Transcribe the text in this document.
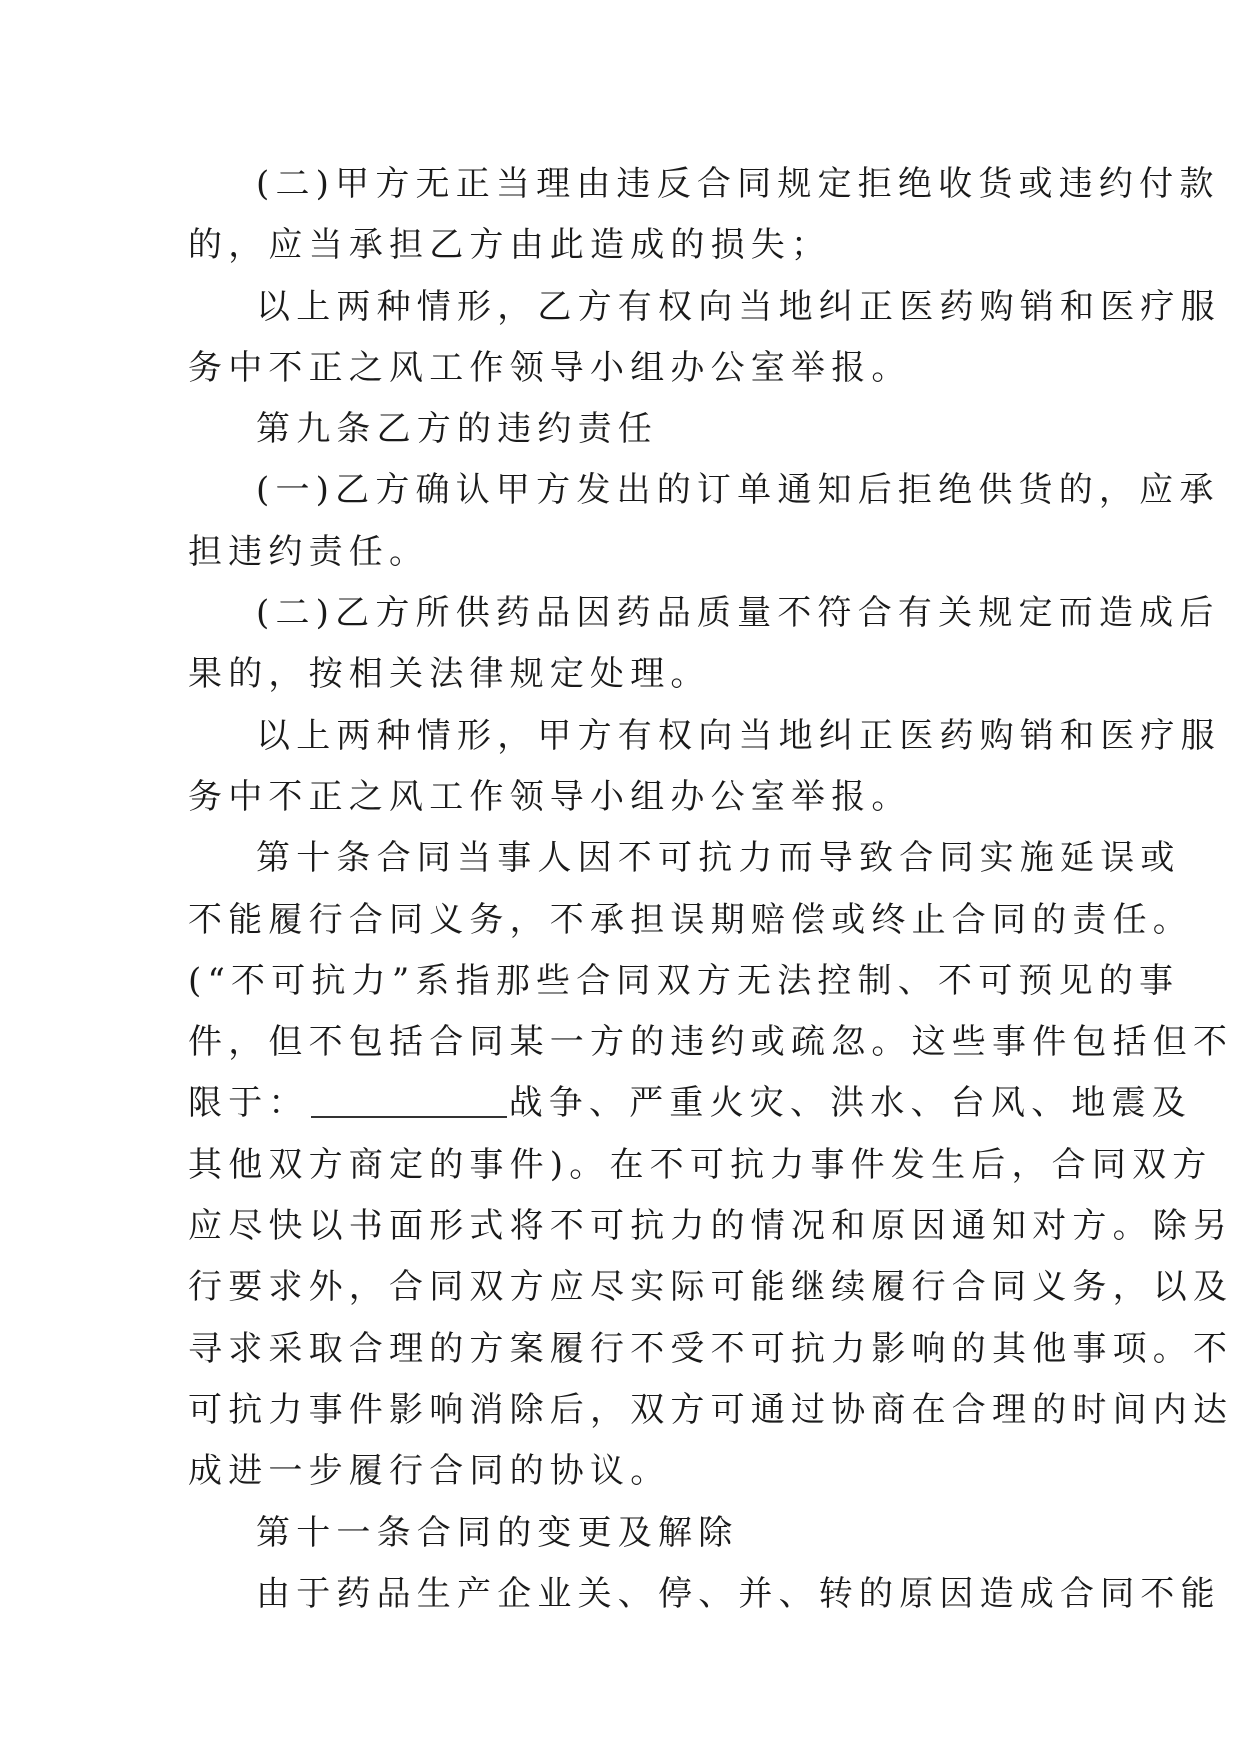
(二)甲方无正当理由违反合同规定拒绝收货或违约付款
的，应当承担乙方由此造成的损失；

以上两种情形，乙方有权向当地纠正医药购销和医疗服
务中不正之风工作领导小组办公室举报。

第九条乙方的违约责任

(一)乙方确认甲方发出的订单通知后拒绝供货的，应承
担违约责任。

(二)乙方所供药品因药品质量不符合有关规定而造成后
果的，按相关法律规定处理。

以上两种情形，甲方有权向当地纠正医药购销和医疗服
务中不正之风工作领导小组办公室举报。

第十条合同当事人因不可抗力而导致合同实施延误或
不能履行合同义务，不承担误期赔偿或终止合同的责任。
(“不可抗力”系指那些合同双方无法控制、不可预见的事
件，但不包括合同某一方的违约或疏忽。这些事件包括但不
限于：	战争、严重火灾、洪水、台风、地震及
其他双方商定的事件)。在不可抗力事件发生后，合同双方
应尽快以书面形式将不可抗力的情况和原因通知对方。除另
行要求外，合同双方应尽实际可能继续履行合同义务，以及
寻求采取合理的方案履行不受不可抗力影响的其他事项。不
可抗力事件影响消除后，双方可通过协商在合理的时间内达
成进一步履行合同的协议。

第十一条合同的变更及解除

由于药品生产企业关、停、并、转的原因造成合同不能
